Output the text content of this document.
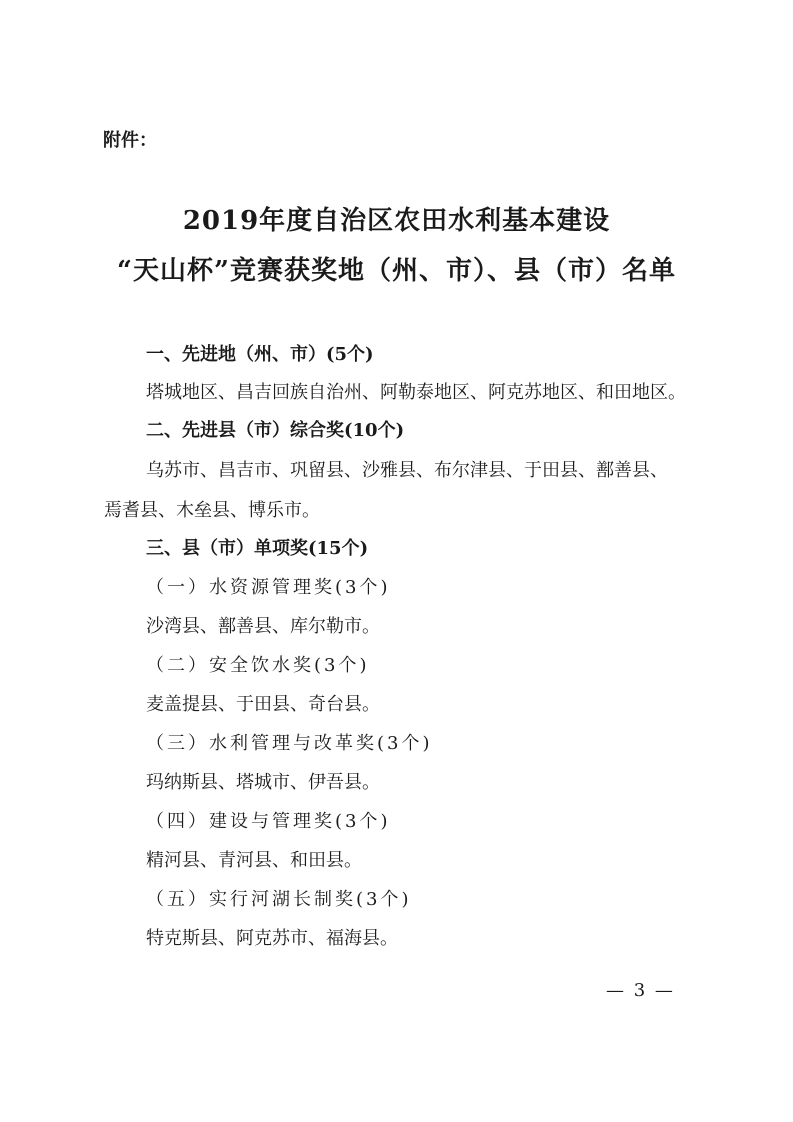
附件：
2019年度自治区农田水利基本建设
“天山杯”竞赛获奖地（州、市）、县（市）名单
一、先进地（州、市）(5个)
塔城地区、昌吉回族自治州、阿勒泰地区、阿克苏地区、和田地区。
二、先进县（市）综合奖(10个)
乌苏市、昌吉市、巩留县、沙雅县、布尔津县、于田县、鄯善县、
焉耆县、木垒县、博乐市。
三、县（市）单项奖(15个)
（一）水资源管理奖(3个)
沙湾县、鄯善县、库尔勒市。
（二）安全饮水奖(3个)
麦盖提县、于田县、奇台县。
（三）水利管理与改革奖(3个)
玛纳斯县、塔城市、伊吾县。
（四）建设与管理奖(3个)
精河县、青河县、和田县。
（五）实行河湖长制奖(3个)
特克斯县、阿克苏市、福海县。
— 3 —
